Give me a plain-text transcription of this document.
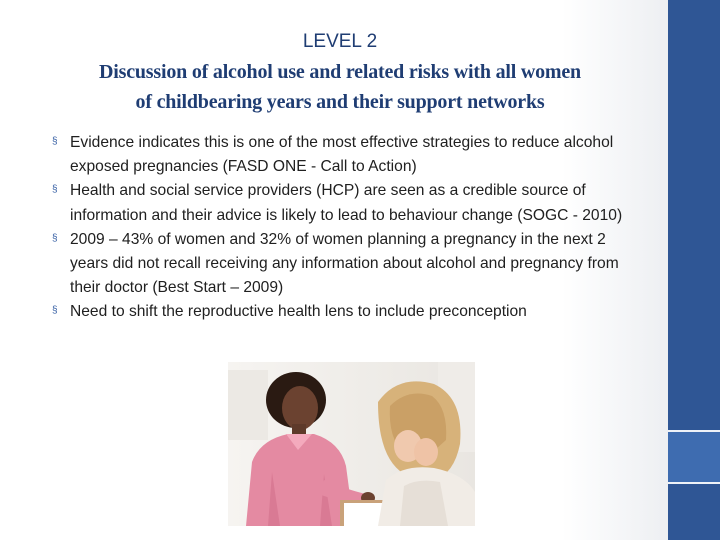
LEVEL 2
Discussion of alcohol use and related risks with all women
of childbearing years and their support networks
§ Evidence indicates this is one of the most effective strategies to reduce alcohol exposed pregnancies (FASD ONE - Call to Action)
§ Health and social service providers (HCP) are seen as a credible source of information and their advice is likely to lead to behaviour change (SOGC - 2010)
§ 2009 – 43% of women and 32% of women planning a pregnancy in the next 2 years did not recall receiving any information about alcohol and pregnancy from their doctor (Best Start – 2009)
§ Need to shift the reproductive health lens to include preconception
